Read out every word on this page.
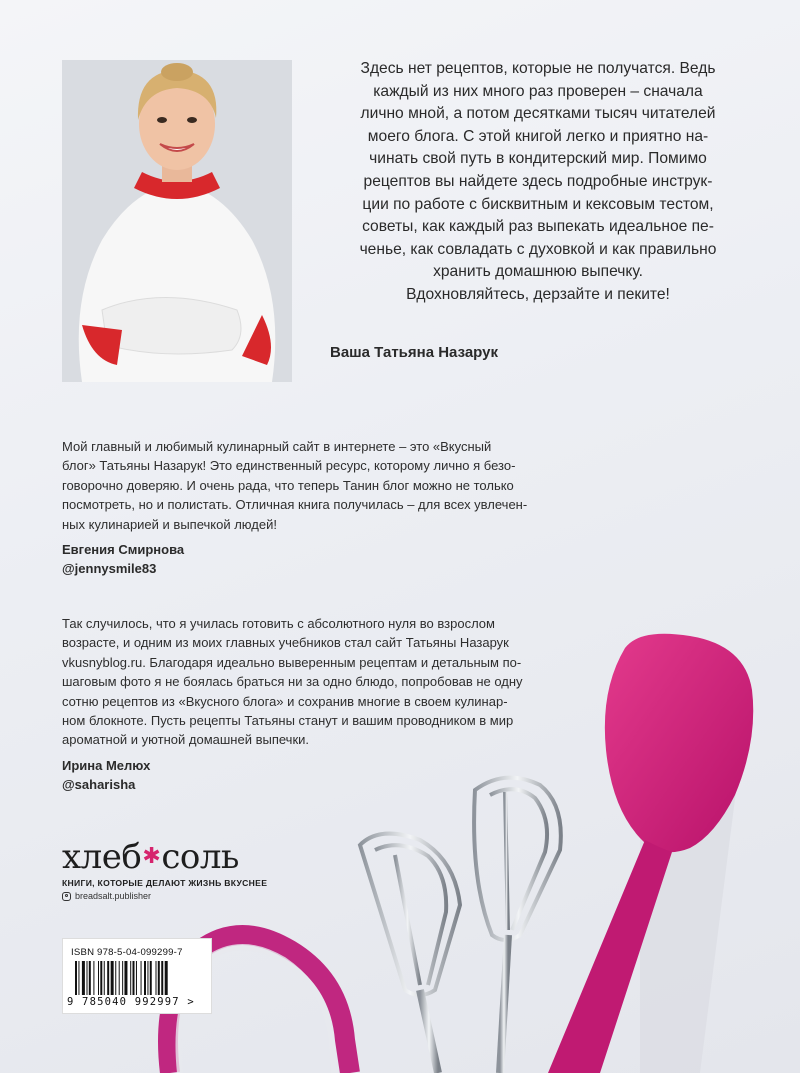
Здесь нет рецептов, которые не получатся. Ведь

каждый из них много раз проверен – сначала

лично мной, а потом десятками тысяч читателей

моего блога. С этой книгой легко и приятно на-

чинать свой путь в кондитерский мир. Помимо

рецептов вы найдете здесь подробные инструк-

ции по работе с бисквитным и кексовым тестом,

советы, как каждый раз выпекать идеальное пе-

ченье, как совладать с духовкой и как правильно

хранить домашнюю выпечку.

Вдохновляйтесь, дерзайте и пеките!

Ваша Татьяна Назарук

Мой главный и любимый кулинарный сайт в интернете – это «Вкусный

блог» Татьяны Назарук! Это единственный ресурс, которому лично я безо-

говорочно доверяю. И очень рада, что теперь Танин блог можно не только

посмотреть, но и полистать. Отличная книга получилась – для всех увлечен-

ных кулинарией и выпечкой людей!

Евгения Смирнова
@jennysmile83

Так случилось, что я училась готовить с абсолютного нуля во взрослом

возрасте, и одним из моих главных учебников стал сайт Татьяны Назарук

vkusnyblog.ru. Благодаря идеально выверенным рецептам и детальным по-

шаговым фото я не боялась браться ни за одно блюдо, попробовав не одну

сотню рецептов из «Вкусного блога» и сохранив многие в своем кулинар-

ном блокноте. Пусть рецепты Татьяны станут и вашим проводником в мир

ароматной и уютной домашней выпечки.

Ирина Мелюх
@saharisha
хлеб ✱ соль
КНИГИ, КОТОРЫЕ ДЕЛАЮТ ЖИЗНЬ ВКУСНЕЕ
breadsalt.publisher
ISBN 978-5-04-099299-7
9 785040 992997 >
